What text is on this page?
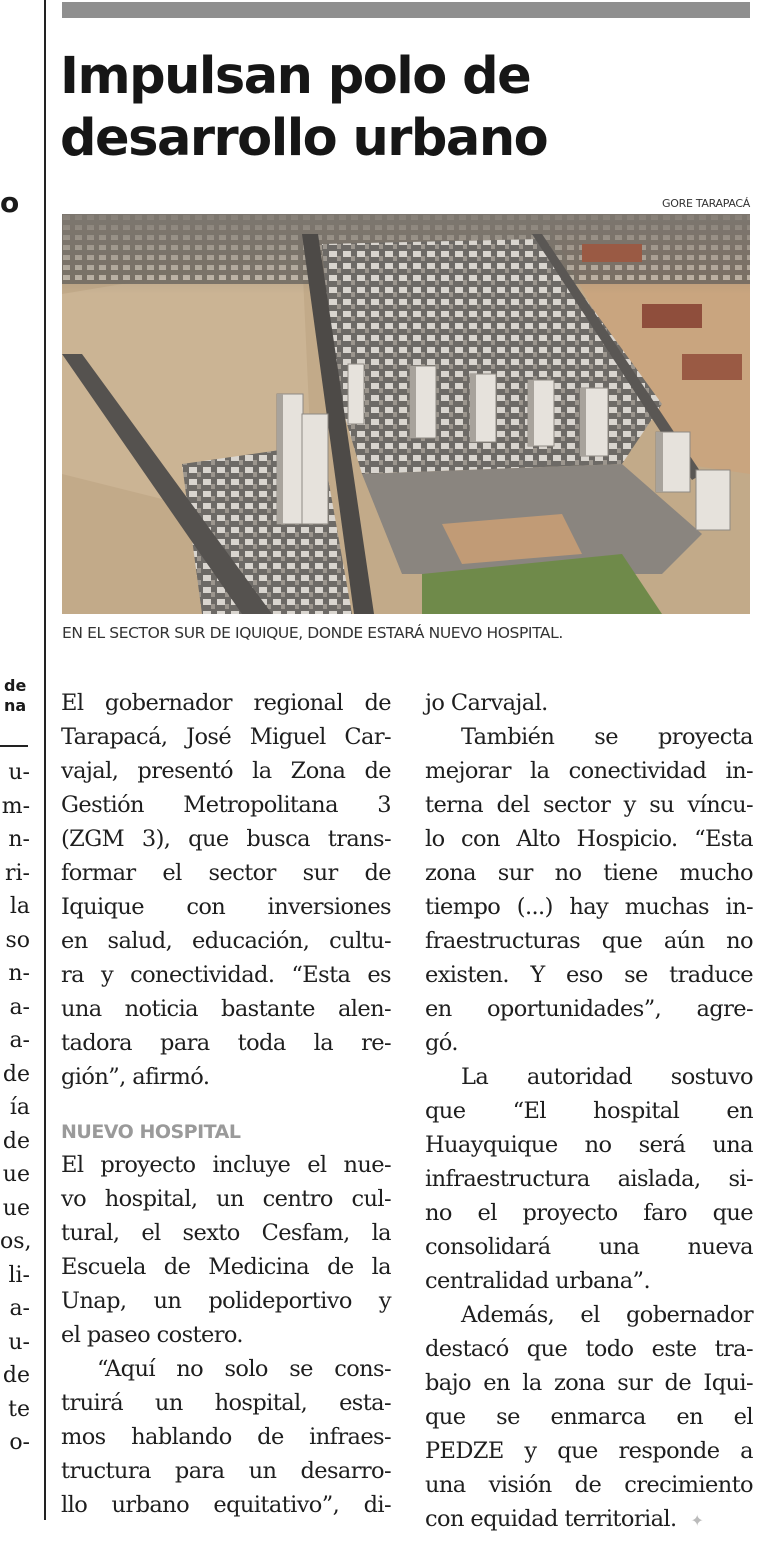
o
de
na
u-
m-
n-
ri-
la
so
n-
a-
a-
de
ía
de
ue
ue
os,
li-
a-
u-
de
te
o-
Impulsan polo de desarrollo urbano
GORE TARAPACÁ
EN EL SECTOR SUR DE IQUIQUE, DONDE ESTARÁ NUEVO HOSPITAL.
El gobernador regional de
Tarapacá, José Miguel Car-
vajal, presentó la Zona de
Gestión Metropolitana 3
(ZGM 3), que busca trans-
formar el sector sur de
Iquique con inversiones
en salud, educación, cultu-
ra y conectividad. “Esta es
una noticia bastante alen-
tadora para toda la re-
gión”, afirmó.
NUEVO HOSPITAL
El proyecto incluye el nue-
vo hospital, un centro cul-
tural, el sexto Cesfam, la
Escuela de Medicina de la
Unap, un polideportivo y
el paseo costero.
“Aquí no solo se cons-
truirá un hospital, esta-
mos hablando de infraes-
tructura para un desarro-
llo urbano equitativo”, di-
jo Carvajal.
También se proyecta
mejorar la conectividad in-
terna del sector y su víncu-
lo con Alto Hospicio. “Esta
zona sur no tiene mucho
tiempo (...) hay muchas in-
fraestructuras que aún no
existen. Y eso se traduce
en oportunidades”, agre-
gó.
La autoridad sostuvo
que “El hospital en
Huayquique no será una
infraestructura aislada, si-
no el proyecto faro que
consolidará una nueva
centralidad urbana”.
Además, el gobernador
destacó que todo este tra-
bajo en la zona sur de Iqui-
que se enmarca en el
PEDZE y que responde a
una visión de crecimiento
con equidad territorial. ✦
